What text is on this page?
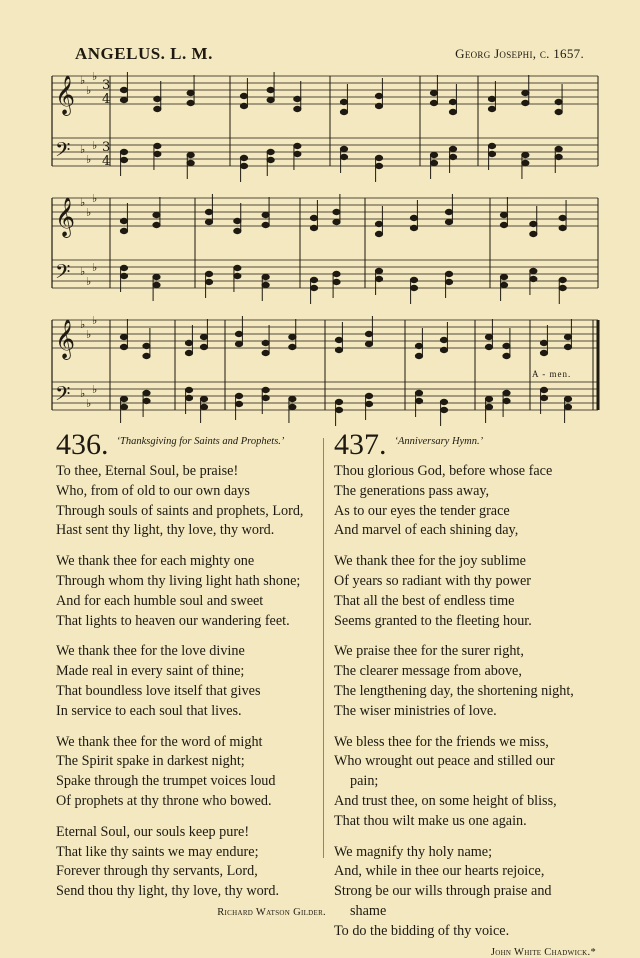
ANGELUS. L. M.	Georg Josephi, c. 1657.
𝄞 ♭
♭
♭
3
4
𝄢 ♭
♭
♭ 3
4
𝄞 ♭
♭
♭
𝄢 ♭
♭
♭
𝄞 ♭
♭
♭
𝄢 ♭
♭
♭
A - men.
436. ‘Thanksgiving for Saints and Prophets.’
To thee, Eternal Soul, be praise!
Who, from of old to our own days
Through souls of saints and prophets, Lord,
Hast sent thy light, thy love, thy word.
We thank thee for each mighty one
Through whom thy living light hath shone;
And for each humble soul and sweet
That lights to heaven our wandering feet.
We thank thee for the love divine
Made real in every saint of thine;
That boundless love itself that gives
In service to each soul that lives.
We thank thee for the word of might
The Spirit spake in darkest night;
Spake through the trumpet voices loud
Of prophets at thy throne who bowed.
Eternal Soul, our souls keep pure!
That like thy saints we may endure;
Forever through thy servants, Lord,
Send thou thy light, thy love, thy word.
Richard Watson Gilder.
437. ‘Anniversary Hymn.’
Thou glorious God, before whose face
The generations pass away,
As to our eyes the tender grace
And marvel of each shining day,
We thank thee for the joy sublime
Of years so radiant with thy power
That all the best of endless time
Seems granted to the fleeting hour.
We praise thee for the surer right,
The clearer message from above,
The lengthening day, the shortening night,
The wiser ministries of love.
We bless thee for the friends we miss,
Who wrought out peace and stilled our
pain;
And trust thee, on some height of bliss,
That thou wilt make us one again.
We magnify thy holy name;
And, while in thee our hearts rejoice,
Strong be our wills through praise and
shame
To do the bidding of thy voice.
John White Chadwick.*
